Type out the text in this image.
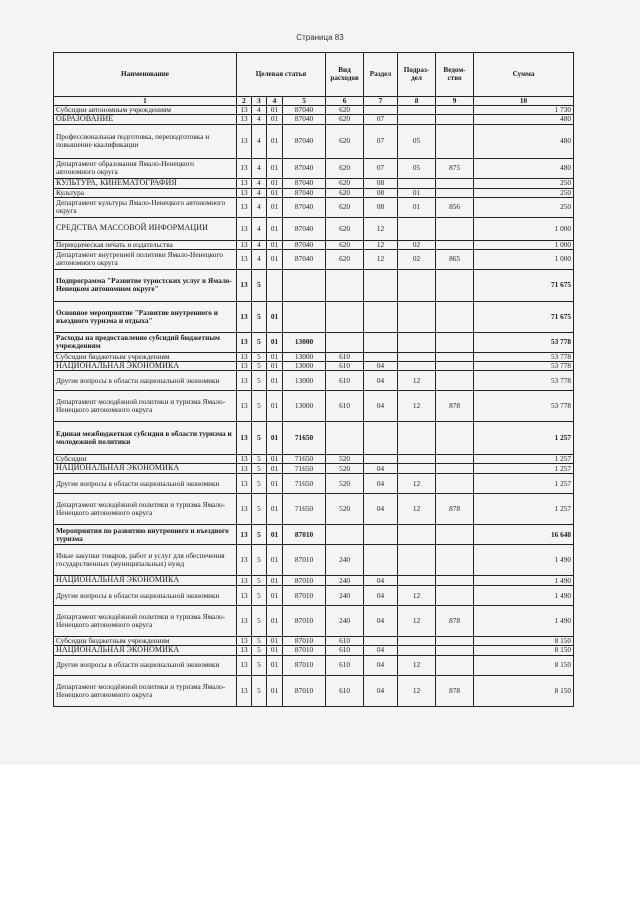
Страница 83
Наименование	Целевая статья				Вид расходов	Раздел	Подраз-дел	Ведом-ство	Сумма
1	2	3	4	5	6	7	8	9	10
Субсидии автономным учреждениям	13	4	01	87040	620				1 730
ОБРАЗОВАНИЕ	13	4	01	87040	620	07			480
Профессиональная подготовка, переподготовка и повышение квалификации	13	4	01	87040	620	07	05		480
Департамент образования Ямало-Ненецкого автономного округа	13	4	01	87040	620	07	05	875	480
КУЛЬТУРА, КИНЕМАТОГРАФИЯ	13	4	01	87040	620	08			250
Культура	13	4	01	87040	620	08	01		250
Департамент культуры Ямало-Ненецкого автономного округа	13	4	01	87040	620	08	01	856	250
СРЕДСТВА МАССОВОЙ ИНФОРМАЦИИ	13	4	01	87040	620	12			1 000
Периодическая печать и издательства	13	4	01	87040	620	12	02		1 000
Департамент внутренней политики Ямало-Ненецкого автономного округа	13	4	01	87040	620	12	02	865	1 000
Подпрограмма "Развитие туристских услуг в Ямало-Ненецком автономном округе"	13	5							71 675
Основное мероприятие "Развитие внутреннего и въездного туризма и отдыха"	13	5	01						71 675
Расходы на предоставление субсидий бюджетным учреждениям	13	5	01	13000					53 778
Субсидии бюджетным учреждениям	13	5	01	13000	610				53 778
НАЦИОНАЛЬНАЯ ЭКОНОМИКА	13	5	01	13000	610	04			53 778
Другие вопросы в области национальной экономики	13	5	01	13000	610	04	12		53 778
Департамент молодёжной политики и туризма Ямало-Ненецкого автономного округа	13	5	01	13000	610	04	12	878	53 778
Единая межбюджетная субсидия в области туризма и молодежной политики	13	5	01	71650					1 257
Субсидии	13	5	01	71650	520				1 257
НАЦИОНАЛЬНАЯ ЭКОНОМИКА	13	5	01	71650	520	04			1 257
Другие вопросы в области национальной экономики	13	5	01	71650	520	04	12		1 257
Департамент молодёжной политики и туризма Ямало-Ненецкого автономного округа	13	5	01	71650	520	04	12	878	1 257
Мероприятия по развитию внутреннего и въездного туризма	13	5	01	87010					16 640
Иные закупки товаров, работ и услуг для обеспечения государственных (муниципальных) нужд	13	5	01	87010	240				1 490
НАЦИОНАЛЬНАЯ ЭКОНОМИКА	13	5	01	87010	240	04			1 490
Другие вопросы в области национальной экономики	13	5	01	87010	240	04	12		1 490
Департамент молодёжной политики и туризма Ямало-Ненецкого автономного округа	13	5	01	87010	240	04	12	878	1 490
Субсидии бюджетным учреждениям	13	5	01	87010	610				8 150
НАЦИОНАЛЬНАЯ ЭКОНОМИКА	13	5	01	87010	610	04			8 150
Другие вопросы в области национальной экономики	13	5	01	87010	610	04	12		8 150
Департамент молодёжной политики и туризма Ямало-Ненецкого автономного округа	13	5	01	87010	610	04	12	878	8 150
